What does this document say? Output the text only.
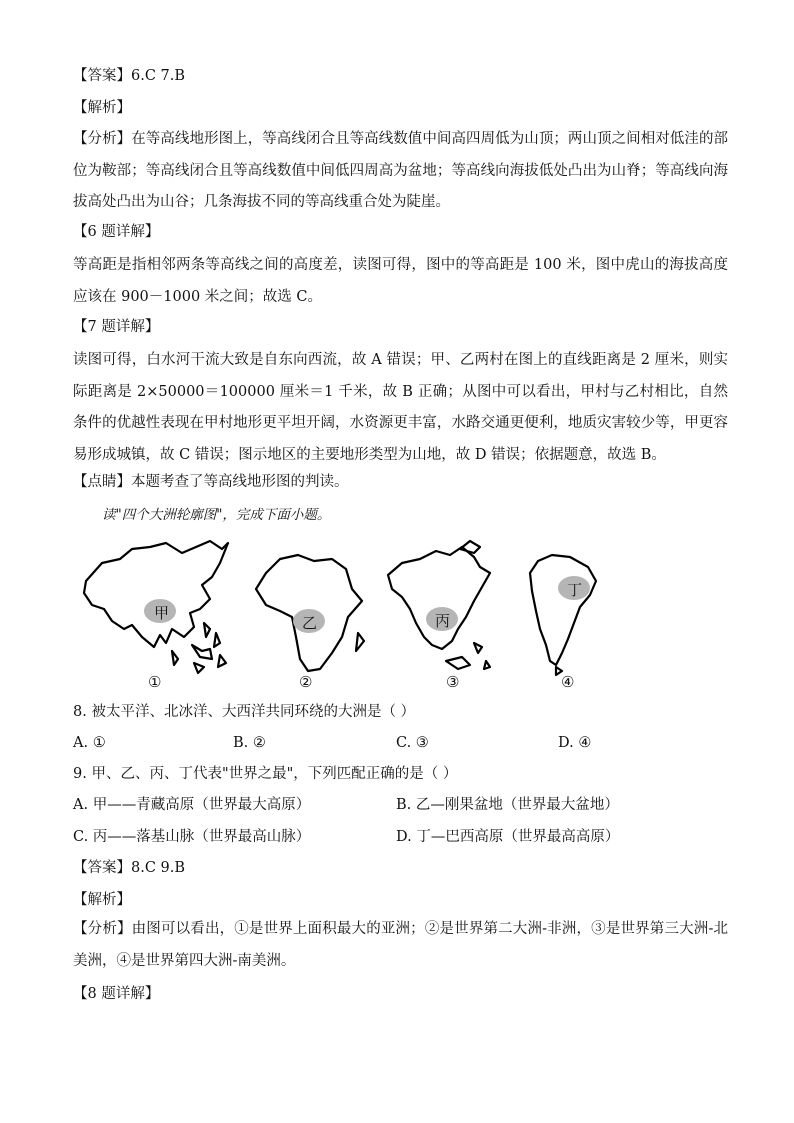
【答案】6.C 7.B
【解析】
【分析】在等高线地形图上，等高线闭合且等高线数值中间高四周低为山顶；两山顶之间相对低洼的部位为鞍部；等高线闭合且等高线数值中间低四周高为盆地；等高线向海拔低处凸出为山脊；等高线向海拔高处凸出为山谷；几条海拔不同的等高线重合处为陡崖。
【6 题详解】
等高距是指相邻两条等高线之间的高度差，读图可得，图中的等高距是 100 米，图中虎山的海拔高度应该在 900－1000 米之间；故选 C。
【7 题详解】
读图可得，白水河干流大致是自东向西流，故 A 错误；甲、乙两村在图上的直线距离是 2 厘米，则实际距离是 2×50000＝100000 厘米＝1 千米，故 B 正确；从图中可以看出，甲村与乙村相比，自然条件的优越性表现在甲村地形更平坦开阔，水资源更丰富，水路交通更便利，地质灾害较少等，甲更容易形成城镇，故 C 错误；图示地区的主要地形类型为山地，故 D 错误；依据题意，故选 B。
【点睛】本题考查了等高线地形图的判读。
读"四个大洲轮廓图"，完成下面小题。
甲
乙	丙
丁
①	②	③	④
8. 被太平洋、北冰洋、大西洋共同环绕的大洲是（ ）
A. ①	B. ②	C. ③	D. ④
9. 甲、乙、丙、丁代表"世界之最"，下列匹配正确的是（ ）
A. 甲——青藏高原（世界最大高原）	B. 乙—刚果盆地（世界最大盆地）
C. 丙——落基山脉（世界最高山脉）	D. 丁—巴西高原（世界最高高原）
【答案】8.C 9.B
【解析】
【分析】由图可以看出，①是世界上面积最大的亚洲；②是世界第二大洲-非洲，③是世界第三大洲-北美洲，④是世界第四大洲-南美洲。
【8 题详解】
